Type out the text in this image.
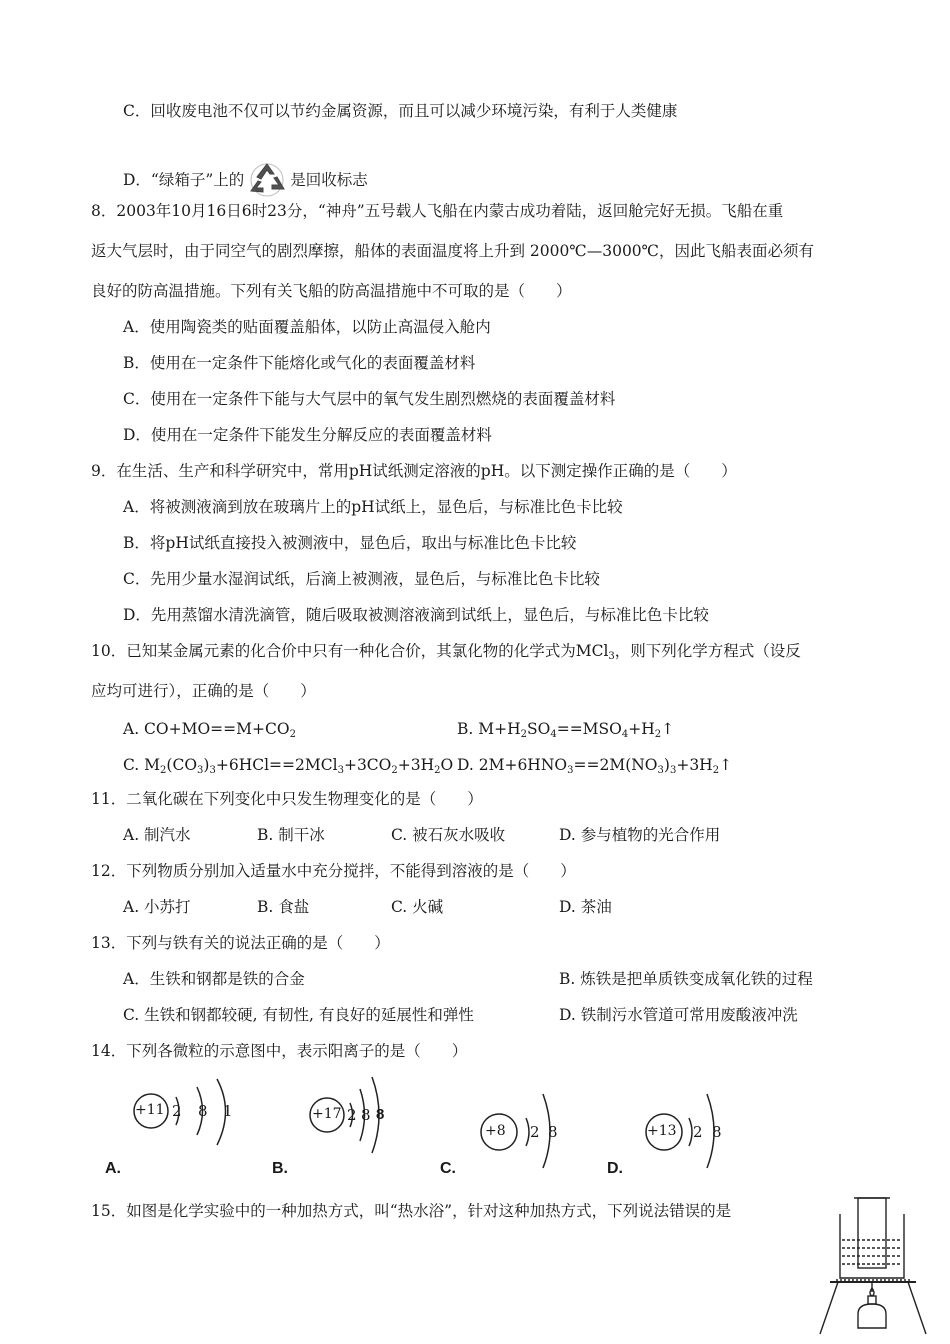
C．回收废电池不仅可以节约金属资源，而且可以减少环境污染，有利于人类健康
D．“绿箱子”上的	是回收标志
8．2003年10月16日6时23分，“神舟”五号载人飞船在内蒙古成功着陆，返回舱完好无损。飞船在重
返大气层时，由于同空气的剧烈摩擦，船体的表面温度将上升到 2000℃—3000℃，因此飞船表面必须有
良好的防高温措施。下列有关飞船的防高温措施中不可取的是（　　）
A．使用陶瓷类的贴面覆盖船体，以防止高温侵入舱内
B．使用在一定条件下能熔化或气化的表面覆盖材料
C．使用在一定条件下能与大气层中的氧气发生剧烈燃烧的表面覆盖材料
D．使用在一定条件下能发生分解反应的表面覆盖材料
9．在生活、生产和科学研究中，常用pH试纸测定溶液的pH。以下测定操作正确的是（　　）
A．将被测液滴到放在玻璃片上的pH试纸上，显色后，与标准比色卡比较
B．将pH试纸直接投入被测液中，显色后，取出与标准比色卡比较
C．先用少量水湿润试纸，后滴上被测液，显色后，与标准比色卡比较
D．先用蒸馏水清洗滴管，随后吸取被测溶液滴到试纸上，显色后，与标准比色卡比较
10．已知某金属元素的化合价中只有一种化合价，其氯化物的化学式为MCl$_3$，则下列化学方程式（设反
应均可进行），正确的是（　　）
A. $CO+MO==M+CO_2$	B. $M+H_2SO_4==MSO_4+H_2↑$
C. $M_2(CO_3)_3+6HCl==2MCl_3+3CO_2+3H_2O$ D. $2M+6HNO_3==2M(NO_3)_3+3H_2↑$
11．二氧化碳在下列变化中只发生物理变化的是（　　）
A. 制汽水	B. 制干冰	C. 被石灰水吸收	D. 参与植物的光合作用
12．下列物质分别加入适量水中充分搅拌，不能得到溶液的是（　　）
A. 小苏打	B. 食盐	C. 火碱	D. 茶油
13．下列与铁有关的说法正确的是（　　）
A．生铁和钢都是铁的合金	B. 炼铁是把单质铁变成氧化铁的过程
C. 生铁和钢都较硬, 有韧性, 有良好的延展性和弹性	D. 铁制污水管道可常用废酸液冲洗
14．下列各微粒的示意图中，表示阳离子的是（　　）
+11 2 8 1
A.
+17 2 8 8
B.
+8 2 8
C.
+13 2 8
D.
15．如图是化学实验中的一种加热方式，叫“热水浴”，针对这种加热方式，下列说法错误的是
